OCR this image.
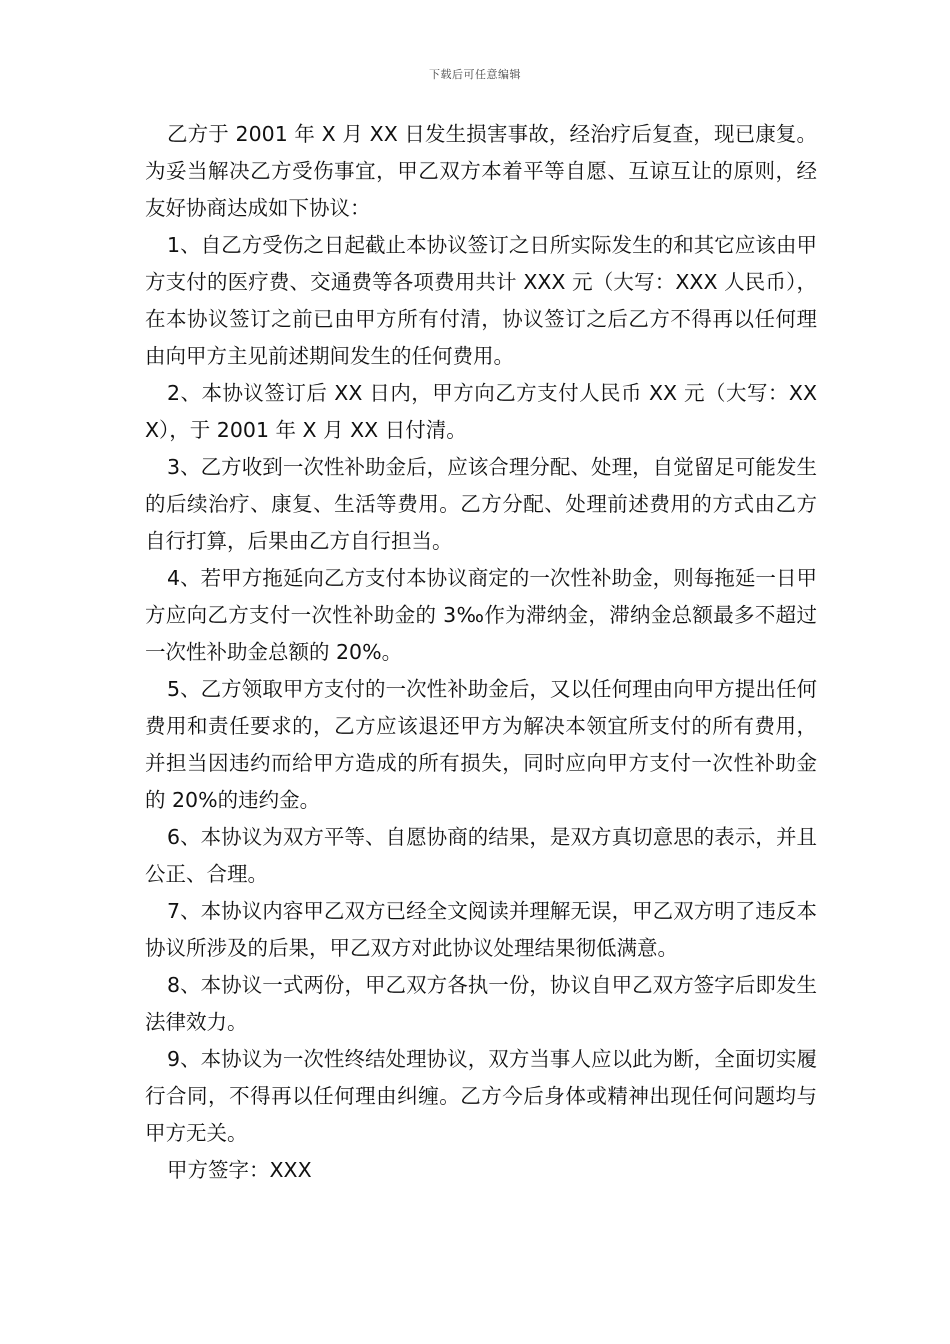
下载后可任意编辑

乙方于 2001 年 X 月 XX 日发生损害事故，经治疗后复查，现已康复。为妥当解决乙方受伤事宜，甲乙双方本着平等自愿、互谅互让的原则，经友好协商达成如下协议：

1、自乙方受伤之日起截止本协议签订之日所实际发生的和其它应该由甲方支付的医疗费、交通费等各项费用共计 XXX 元（大写：XXX 人民币），在本协议签订之前已由甲方所有付清，协议签订之后乙方不得再以任何理由向甲方主见前述期间发生的任何费用。

2、本协议签订后 XX 日内，甲方向乙方支付人民币 XX 元（大写：XXX），于 2001 年 X 月 XX 日付清。

3、乙方收到一次性补助金后，应该合理分配、处理，自觉留足可能发生的后续治疗、康复、生活等费用。乙方分配、处理前述费用的方式由乙方自行打算，后果由乙方自行担当。

4、若甲方拖延向乙方支付本协议商定的一次性补助金，则每拖延一日甲方应向乙方支付一次性补助金的 3‰作为滞纳金，滞纳金总额最多不超过一次性补助金总额的 20%。

5、乙方领取甲方支付的一次性补助金后，又以任何理由向甲方提出任何费用和责任要求的，乙方应该退还甲方为解决本领宜所支付的所有费用，并担当因违约而给甲方造成的所有损失，同时应向甲方支付一次性补助金的 20%的违约金。

6、本协议为双方平等、自愿协商的结果，是双方真切意思的表示，并且公正、合理。

7、本协议内容甲乙双方已经全文阅读并理解无误，甲乙双方明了违反本协议所涉及的后果，甲乙双方对此协议处理结果彻低满意。

8、本协议一式两份，甲乙双方各执一份，协议自甲乙双方签字后即发生法律效力。

9、本协议为一次性终结处理协议，双方当事人应以此为断，全面切实履行合同，不得再以任何理由纠缠。乙方今后身体或精神出现任何问题均与甲方无关。

甲方签字：XXX
